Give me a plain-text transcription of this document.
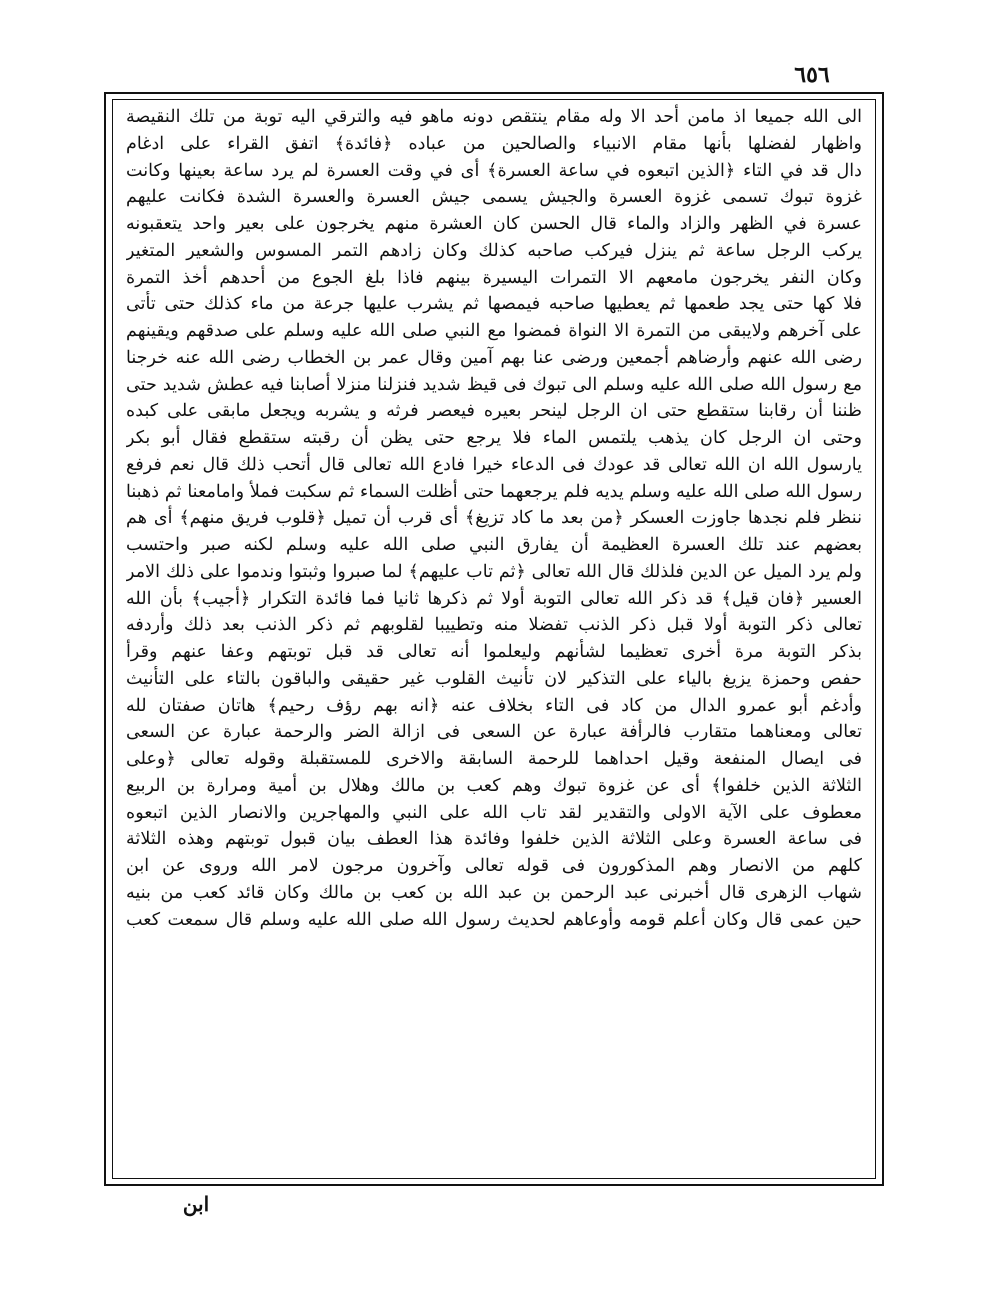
٦٥٦
الى الله جميعا اذ مامن أحد الا وله مقام ينتقص دونه ماهو فيه والترقي اليه توبة من تلك النقيصة
واظهار لفضلها بأنها مقام الانبياء والصالحين من عباده ﴿فائدة﴾ اتفق القراء على ادغام
دال قد في التاء ﴿الذين اتبعوه في ساعة العسرة﴾ أى في وقت العسرة لم يرد ساعة بعينها وكانت
غزوة تبوك تسمى غزوة العسرة والجيش يسمى جيش العسرة والعسرة الشدة فكانت عليهم
عسرة في الظهر والزاد والماء قال الحسن كان العشرة منهم يخرجون على بعير واحد يتعقبونه
يركب الرجل ساعة ثم ينزل فيركب صاحبه كذلك وكان زادهم التمر المسوس والشعير المتغير
وكان النفر يخرجون مامعهم الا التمرات اليسيرة بينهم فاذا بلغ الجوع من أحدهم أخذ التمرة
فلا كها حتى يجد طعمها ثم يعطيها صاحبه فيمصها ثم يشرب عليها جرعة من ماء كذلك حتى تأتى
على آخرهم ولايبقى من التمرة الا النواة فمضوا مع النبي صلى الله عليه وسلم على صدقهم ويقينهم
رضى الله عنهم وأرضاهم أجمعين ورضى عنا بهم آمين وقال عمر بن الخطاب رضى الله عنه خرجنا
مع رسول الله صلى الله عليه وسلم الى تبوك فى قيظ شديد فنزلنا منزلا أصابنا فيه عطش شديد حتى
ظننا أن رقابنا ستقطع حتى ان الرجل لينحر بعيره فيعصر فرثه و يشربه ويجعل مابقى على كبده
وحتى ان الرجل كان يذهب يلتمس الماء فلا يرجع حتى يظن أن رقبته ستقطع فقال أبو بكر
يارسول الله ان الله تعالى قد عودك فى الدعاء خيرا فادع الله تعالى قال أتحب ذلك قال نعم فرفع
رسول الله صلى الله عليه وسلم يديه فلم يرجعهما حتى أظلت السماء ثم سكبت فملأ وامامعنا ثم ذهبنا
ننظر فلم نجدها جاوزت العسكر ﴿من بعد ما كاد تزيغ﴾ أى قرب أن تميل ﴿قلوب فريق منهم﴾ أى هم
بعضهم عند تلك العسرة العظيمة أن يفارق النبي صلى الله عليه وسلم لكنه صبر واحتسب
ولم يرد الميل عن الدين فلذلك قال الله تعالى ﴿ثم تاب عليهم﴾ لما صبروا وثبتوا وندموا على ذلك الامر
العسير ﴿فان قيل﴾ قد ذكر الله تعالى التوبة أولا ثم ذكرها ثانيا فما فائدة التكرار ﴿أجيب﴾ بأن الله
تعالى ذكر التوبة أولا قبل ذكر الذنب تفضلا منه وتطييبا لقلوبهم ثم ذكر الذنب بعد ذلك وأردفه
بذكر التوبة مرة أخرى تعظيما لشأنهم وليعلموا أنه تعالى قد قبل توبتهم وعفا عنهم وقرأ
حفص وحمزة يزيغ بالياء على التذكير لان تأنيث القلوب غير حقيقى والباقون بالتاء على التأنيث
وأدغم أبو عمرو الدال من كاد فى التاء بخلاف عنه ﴿انه بهم رؤف رحيم﴾ هاتان صفتان لله
تعالى ومعناهما متقارب فالرأفة عبارة عن السعى فى ازالة الضر والرحمة عبارة عن السعى
فى ايصال المنفعة وقيل احداهما للرحمة السابقة والاخرى للمستقبلة وقوله تعالى ﴿وعلى
الثلاثة الذين خلفوا﴾ أى عن غزوة تبوك وهم كعب بن مالك وهلال بن أمية ومرارة بن الربيع
معطوف على الآية الاولى والتقدير لقد تاب الله على النبي والمهاجرين والانصار الذين اتبعوه
فى ساعة العسرة وعلى الثلاثة الذين خلفوا وفائدة هذا العطف بيان قبول توبتهم وهذه الثلاثة
كلهم من الانصار وهم المذكورون فى قوله تعالى وآخرون مرجون لامر الله وروى عن ابن
شهاب الزهرى قال أخبرنى عبد الرحمن بن عبد الله بن كعب بن مالك وكان قائد كعب من بنيه
حين عمى قال وكان أعلم قومه وأوعاهم لحديث رسول الله صلى الله عليه وسلم قال سمعت كعب
ابن
